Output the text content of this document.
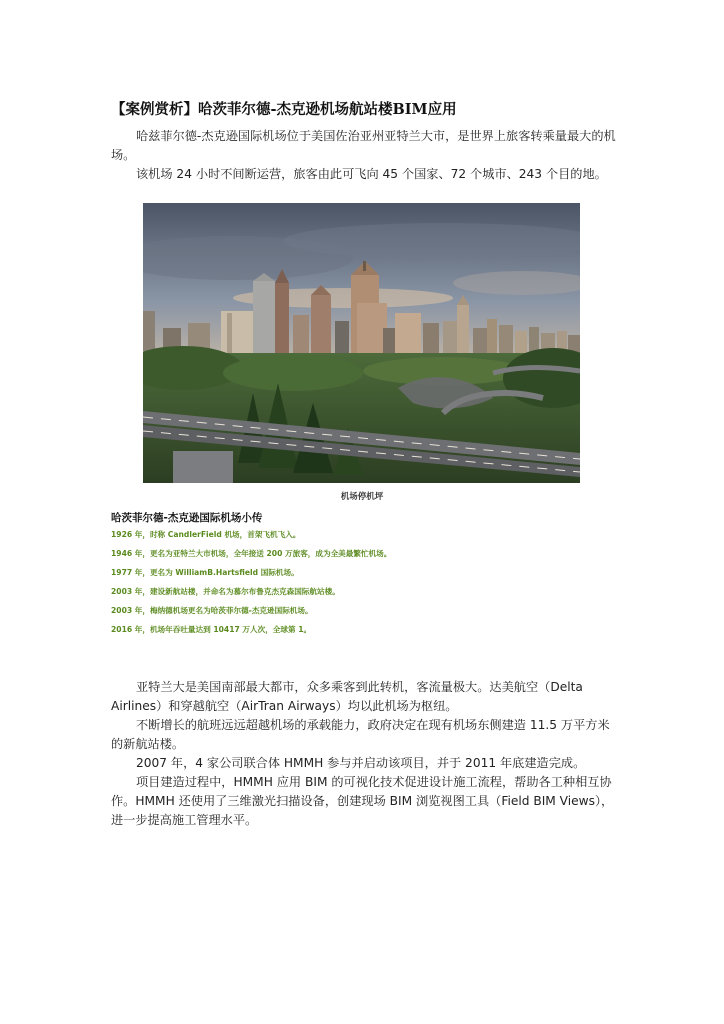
【案例赏析】哈茨菲尔德-杰克逊机场航站楼BIM应用

哈兹菲尔德-杰克逊国际机场位于美国佐治亚州亚特兰大市，是世界上旅客转乘量最大的机场。

该机场 24 小时不间断运营，旅客由此可飞向 45 个国家、72 个城市、243 个目的地。

机场停机坪
哈茨菲尔德-杰克逊国际机场小传
1926 年，时称 CandlerField 机场，首架飞机飞入。
1946 年，更名为亚特兰大市机场，全年接送 200 万旅客，成为全美最繁忙机场。
1977 年，更名为 WilliamB.Hartsfield 国际机场。
2003 年，建设新航站楼，并命名为慕尔布鲁克杰克森国际航站楼。
2003 年，梅纳德机场更名为哈茨菲尔德-杰克逊国际机场。
2016 年，机场年吞吐量达到 10417 万人次，全球第 1。

亚特兰大是美国南部最大都市，众多乘客到此转机，客流量极大。达美航空（Delta Airlines）和穿越航空（AirTran Airways）均以此机场为枢纽。

不断增长的航班远远超越机场的承载能力，政府决定在现有机场东侧建造 11.5 万平方米的新航站楼。

2007 年，4 家公司联合体 HMMH 参与并启动该项目，并于 2011 年底建造完成。

项目建造过程中，HMMH 应用 BIM 的可视化技术促进设计施工流程，帮助各工种相互协作。HMMH 还使用了三维激光扫描设备，创建现场 BIM 浏览视图工具（Field BIM Views），进一步提高施工管理水平。
